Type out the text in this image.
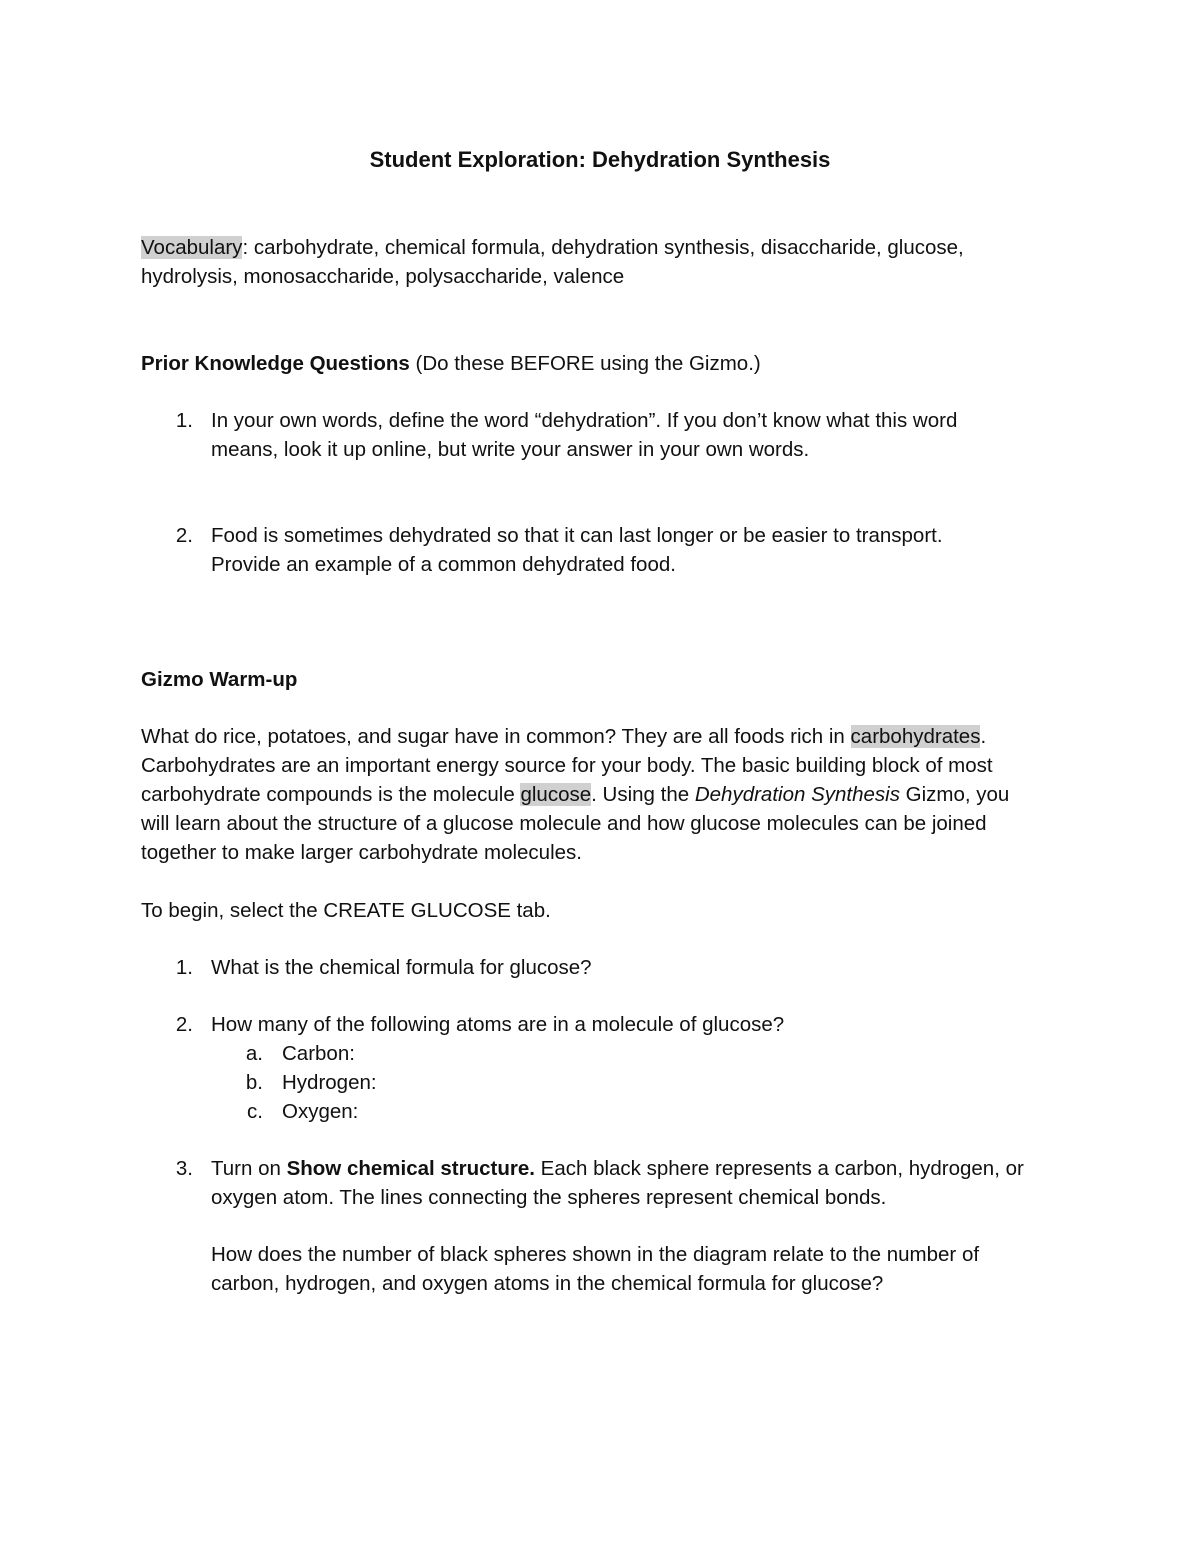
Student Exploration: Dehydration Synthesis
Vocabulary: carbohydrate, chemical formula, dehydration synthesis, disaccharide, glucose,
hydrolysis, monosaccharide, polysaccharide, valence
Prior Knowledge Questions (Do these BEFORE using the Gizmo.)
1. In your own words, define the word “dehydration”. If you don’t know what this word
means, look it up online, but write your answer in your own words.
2. Food is sometimes dehydrated so that it can last longer or be easier to transport.
Provide an example of a common dehydrated food.
Gizmo Warm-up
What do rice, potatoes, and sugar have in common? They are all foods rich in carbohydrates.
Carbohydrates are an important energy source for your body. The basic building block of most
carbohydrate compounds is the molecule glucose. Using the Dehydration Synthesis Gizmo, you
will learn about the structure of a glucose molecule and how glucose molecules can be joined
together to make larger carbohydrate molecules.
To begin, select the CREATE GLUCOSE tab.
1. What is the chemical formula for glucose?
2. How many of the following atoms are in a molecule of glucose?
a. Carbon:
b. Hydrogen:
c. Oxygen:
3. Turn on Show chemical structure. Each black sphere represents a carbon, hydrogen, or
oxygen atom. The lines connecting the spheres represent chemical bonds.
How does the number of black spheres shown in the diagram relate to the number of
carbon, hydrogen, and oxygen atoms in the chemical formula for glucose?
